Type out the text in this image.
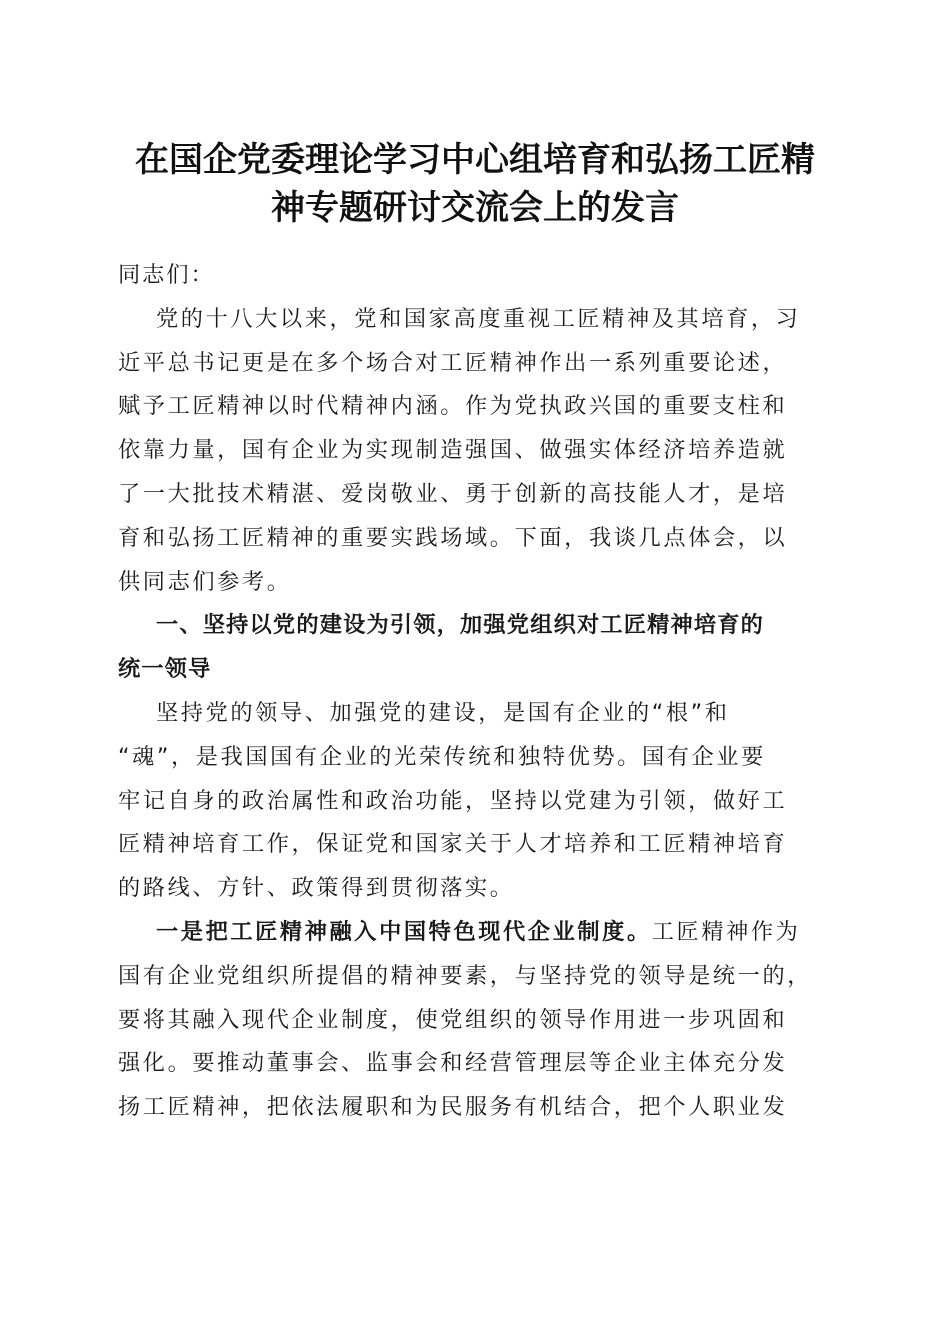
在国企党委理论学习中心组培育和弘扬工匠精
神专题研讨交流会上的发言
同志们：
党的十八大以来，党和国家高度重视工匠精神及其培育，习
近平总书记更是在多个场合对工匠精神作出一系列重要论述，
赋予工匠精神以时代精神内涵。作为党执政兴国的重要支柱和
依靠力量，国有企业为实现制造强国、做强实体经济培养造就
了一大批技术精湛、爱岗敬业、勇于创新的高技能人才，是培
育和弘扬工匠精神的重要实践场域。下面，我谈几点体会，以
供同志们参考。
一、坚持以党的建设为引领，加强党组织对工匠精神培育的
统一领导
坚持党的领导、加强党的建设，是国有企业的“根”和
“魂”，是我国国有企业的光荣传统和独特优势。国有企业要
牢记自身的政治属性和政治功能，坚持以党建为引领，做好工
匠精神培育工作，保证党和国家关于人才培养和工匠精神培育
的路线、方针、政策得到贯彻落实。
一是把工匠精神融入中国特色现代企业制度。工匠精神作为
国有企业党组织所提倡的精神要素，与坚持党的领导是统一的，
要将其融入现代企业制度，使党组织的领导作用进一步巩固和
强化。要推动董事会、监事会和经营管理层等企业主体充分发
扬工匠精神，把依法履职和为民服务有机结合，把个人职业发
